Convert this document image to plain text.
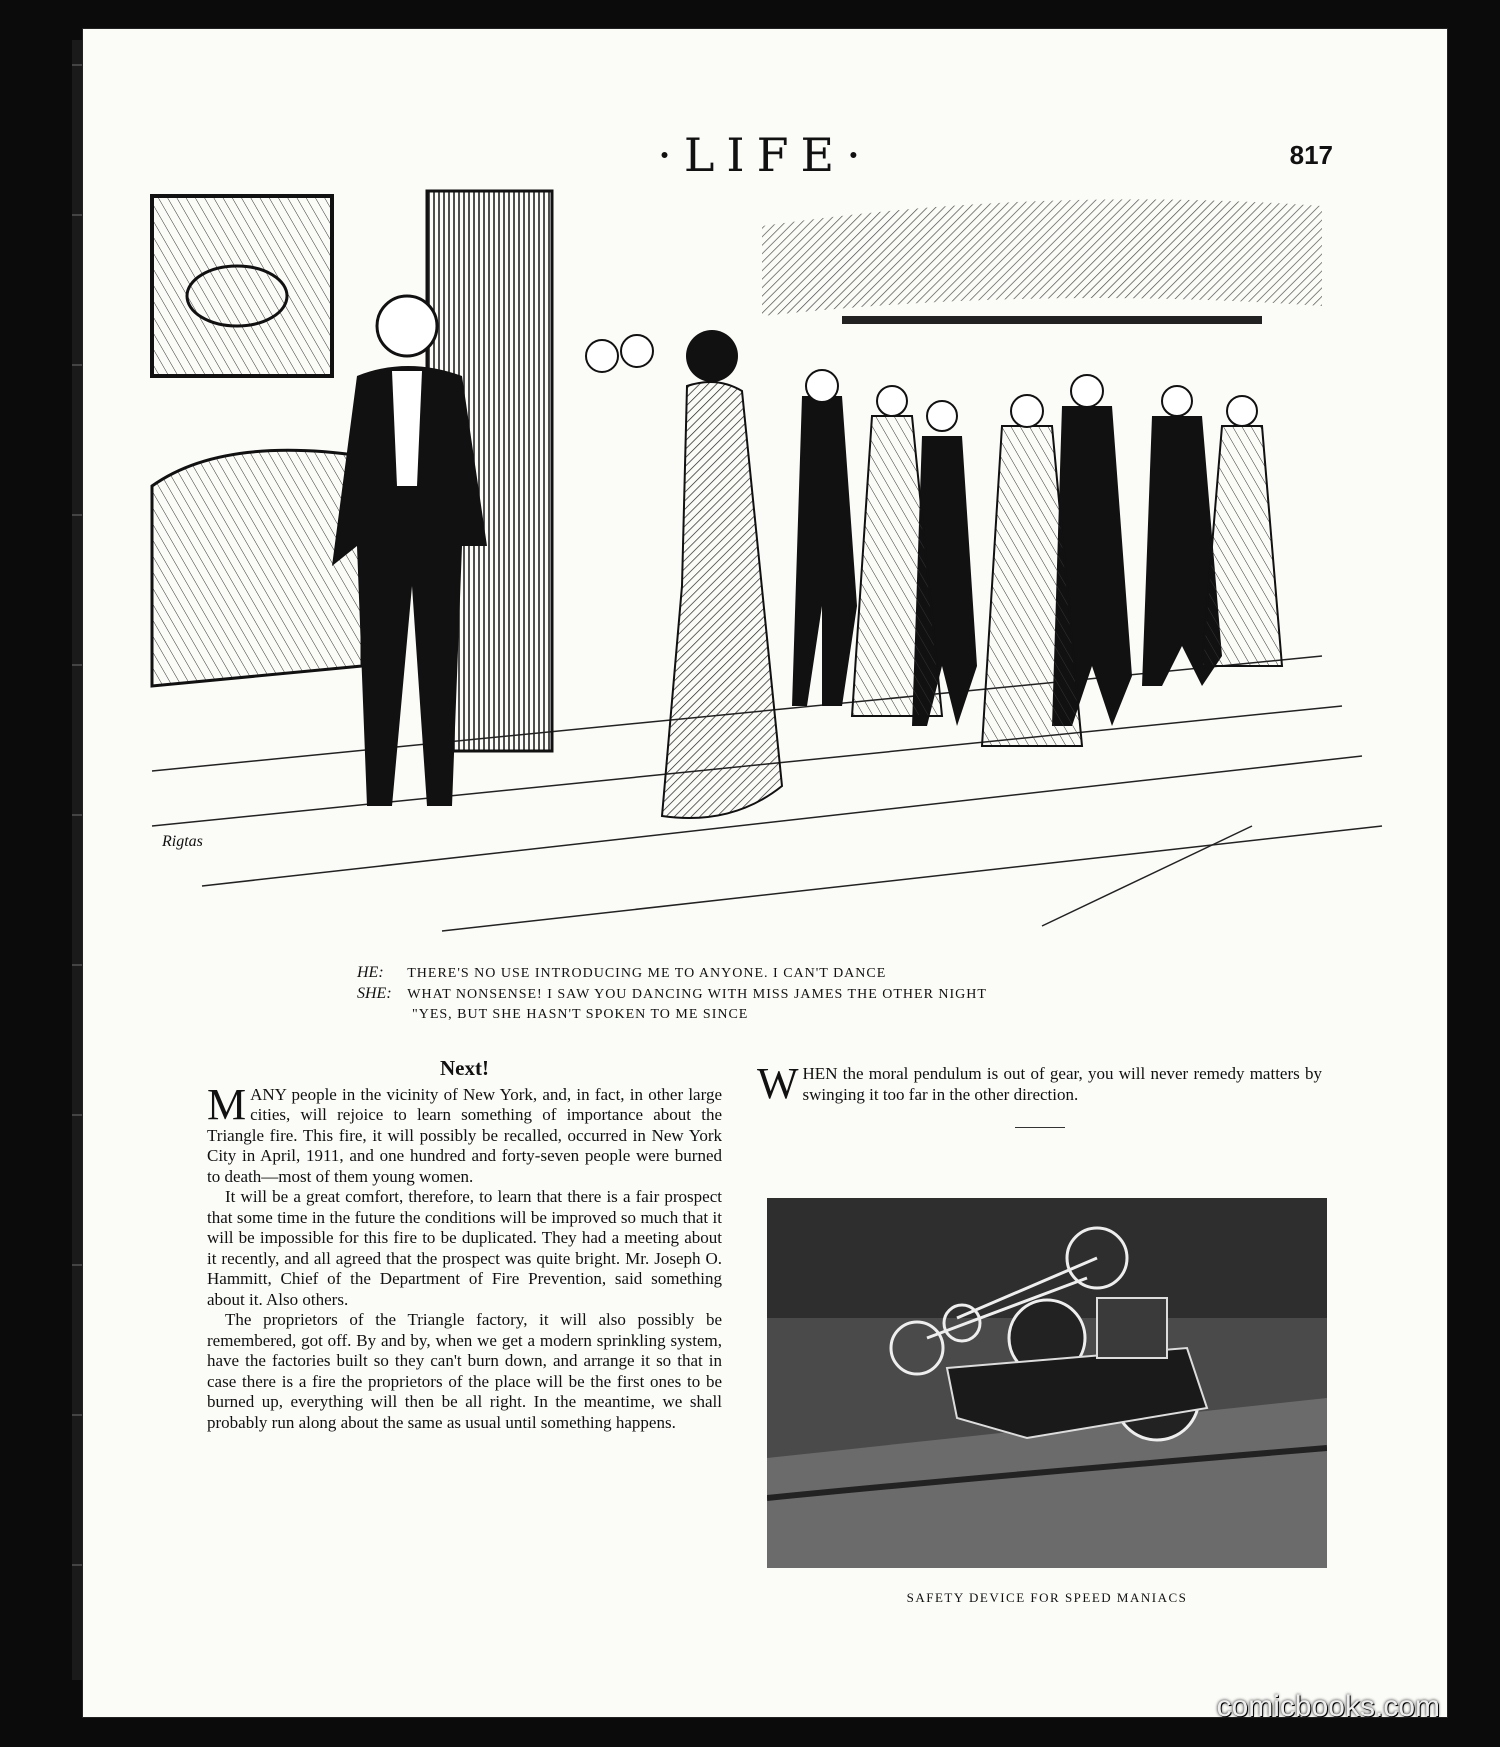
·LIFE·	817
Rigtas
HE: THERE'S NO USE INTRODUCING ME TO ANYONE. I CAN'T DANCE
SHE: WHAT NONSENSE! I SAW YOU DANCING WITH MISS JAMES THE OTHER NIGHT
"YES, BUT SHE HASN'T SPOKEN TO ME SINCE
Next!

MANY people in the vicinity of New York, and, in fact, in other large cities, will rejoice to learn something of importance about the Triangle fire. This fire, it will possibly be recalled, occurred in New York City in April, 1911, and one hundred and forty-seven people were burned to death—most of them young women.

It will be a great comfort, therefore, to learn that there is a fair prospect that some time in the future the conditions will be improved so much that it will be impossible for this fire to be duplicated. They had a meeting about it recently, and all agreed that the prospect was quite bright. Mr. Joseph O. Hammitt, Chief of the Department of Fire Prevention, said something about it. Also others.

The proprietors of the Triangle factory, it will also possibly be remembered, got off. By and by, when we get a modern sprinkling system, have the factories built so they can't burn down, and arrange it so that in case there is a fire the proprietors of the place will be the first ones to be burned up, everything will then be all right. In the meantime, we shall probably run along about the same as usual until something happens.

WHEN the moral pendulum is out of gear, you will never remedy matters by swinging it too far in the other direction.

SAFETY DEVICE FOR SPEED MANIACS
comicbooks.com
